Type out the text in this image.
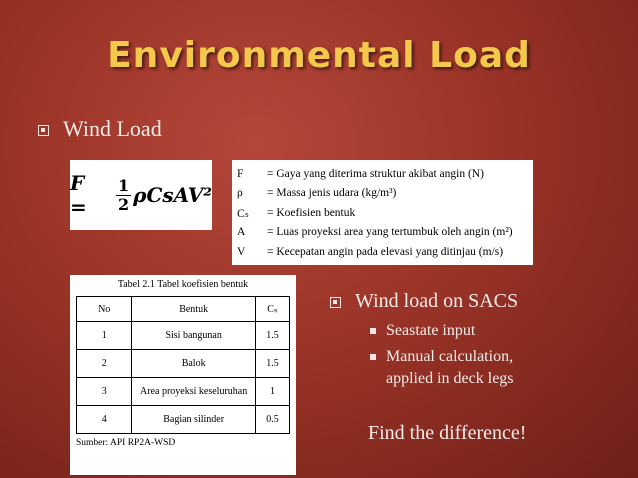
Environmental Load
Wind Load
F =
	$\frac{1}{2}$ ρCsAV²
F	= Gaya yang diterima struktur akibat angin (N)
ρ	= Massa jenis udara (kg/m³)
Cₛ	= Koefisien bentuk
A	= Luas proyeksi area yang tertumbuk oleh angin (m²)
V	= Kecepatan angin pada elevasi yang ditinjau (m/s)
Tabel 2.1 Tabel koefisien bentuk
No	Bentuk	Cₛ
1	Sisi bangunan	1.5
2	Balok	1.5
3	Area proyeksi keseluruhan	1
4	Bagian silinder	0.5
Sumber: API RP2A-WSD
Wind load on SACS
Seastate input
Manual calculation, applied in deck legs
Find the difference!
